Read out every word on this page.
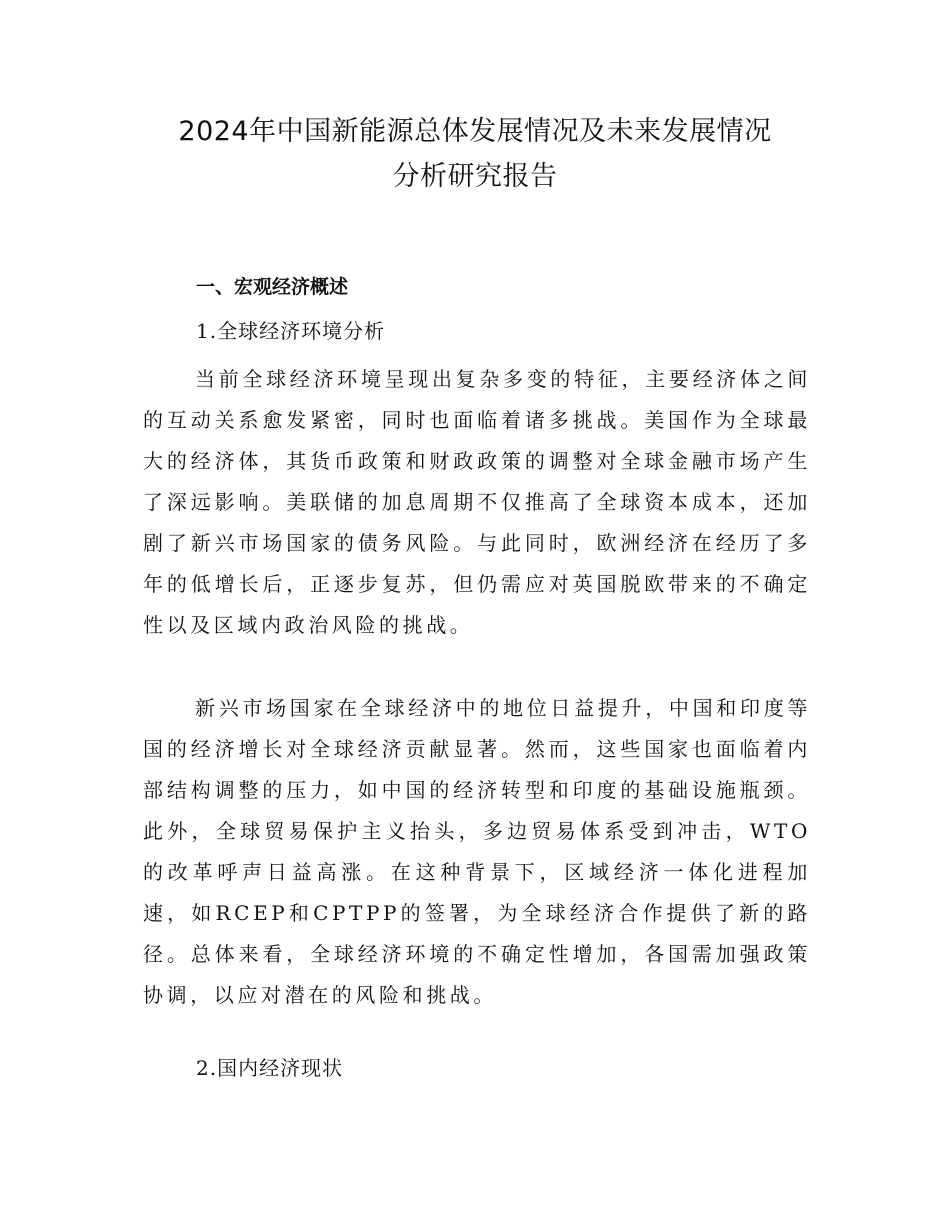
2024年中国新能源总体发展情况及未来发展情况
分析研究报告
一、宏观经济概述
1.全球经济环境分析

当前全球经济环境呈现出复杂多变的特征，主要经济体之间的互动关系愈发紧密，同时也面临着诸多挑战。美国作为全球最大的经济体，其货币政策和财政政策的调整对全球金融市场产生了深远影响。美联储的加息周期不仅推高了全球资本成本，还加剧了新兴市场国家的债务风险。与此同时，欧洲经济在经历了多年的低增长后，正逐步复苏，但仍需应对英国脱欧带来的不确定性以及区域内政治风险的挑战。

新兴市场国家在全球经济中的地位日益提升，中国和印度等国的经济增长对全球经济贡献显著。然而，这些国家也面临着内部结构调整的压力，如中国的经济转型和印度的基础设施瓶颈。此外，全球贸易保护主义抬头，多边贸易体系受到冲击，WTO的改革呼声日益高涨。在这种背景下，区域经济一体化进程加速，如RCEP和CPTPP的签署，为全球经济合作提供了新的路径。总体来看，全球经济环境的不确定性增加，各国需加强政策协调，以应对潜在的风险和挑战。

2.国内经济现状
